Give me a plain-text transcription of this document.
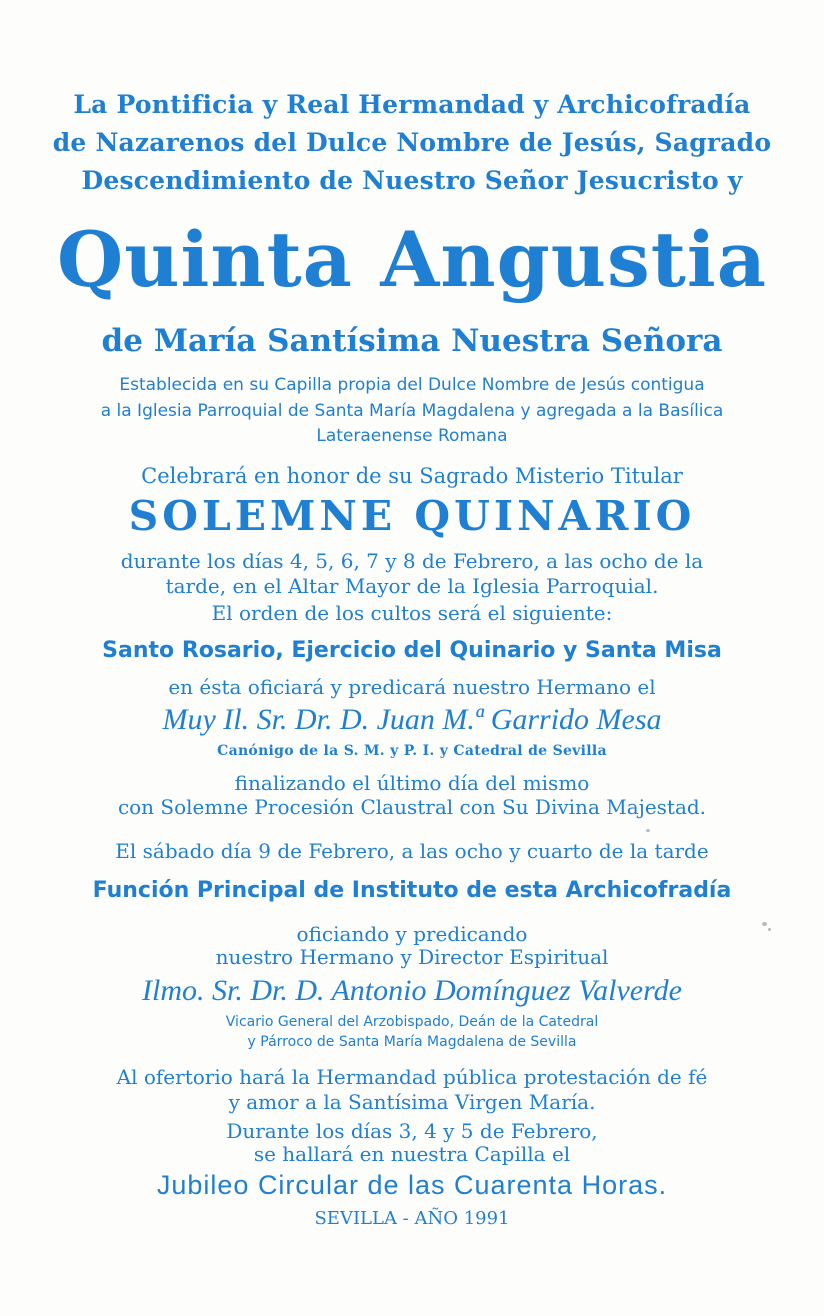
La Pontificia y Real Hermandad y Archicofradía
de Nazarenos del Dulce Nombre de Jesús, Sagrado
Descendimiento de Nuestro Señor Jesucristo y
Quinta Angustia
de María Santísima Nuestra Señora
Establecida en su Capilla propia del Dulce Nombre de Jesús contigua
a la Iglesia Parroquial de Santa María Magdalena y agregada a la Basílica
Lateraenense Romana
Celebrará en honor de su Sagrado Misterio Titular
SOLEMNE QUINARIO
durante los días 4, 5, 6, 7 y 8 de Febrero, a las ocho de la
tarde, en el Altar Mayor de la Iglesia Parroquial.
El orden de los cultos será el siguiente:
Santo Rosario, Ejercicio del Quinario y Santa Misa
en ésta oficiará y predicará nuestro Hermano el
Muy Il. Sr. Dr. D. Juan M.ª Garrido Mesa
Canónigo de la S. M. y P. I. y Catedral de Sevilla
finalizando el último día del mismo
con Solemne Procesión Claustral con Su Divina Majestad.
El sábado día 9 de Febrero, a las ocho y cuarto de la tarde
Función Principal de Instituto de esta Archicofradía
oficiando y predicando
nuestro Hermano y Director Espiritual
Ilmo. Sr. Dr. D. Antonio Domínguez Valverde
Vicario General del Arzobispado, Deán de la Catedral
y Párroco de Santa María Magdalena de Sevilla
Al ofertorio hará la Hermandad pública protestación de fé
y amor a la Santísima Virgen María.
Durante los días 3, 4 y 5 de Febrero,
se hallará en nuestra Capilla el
Jubileo Circular de las Cuarenta Horas.
SEVILLA - AÑO 1991
